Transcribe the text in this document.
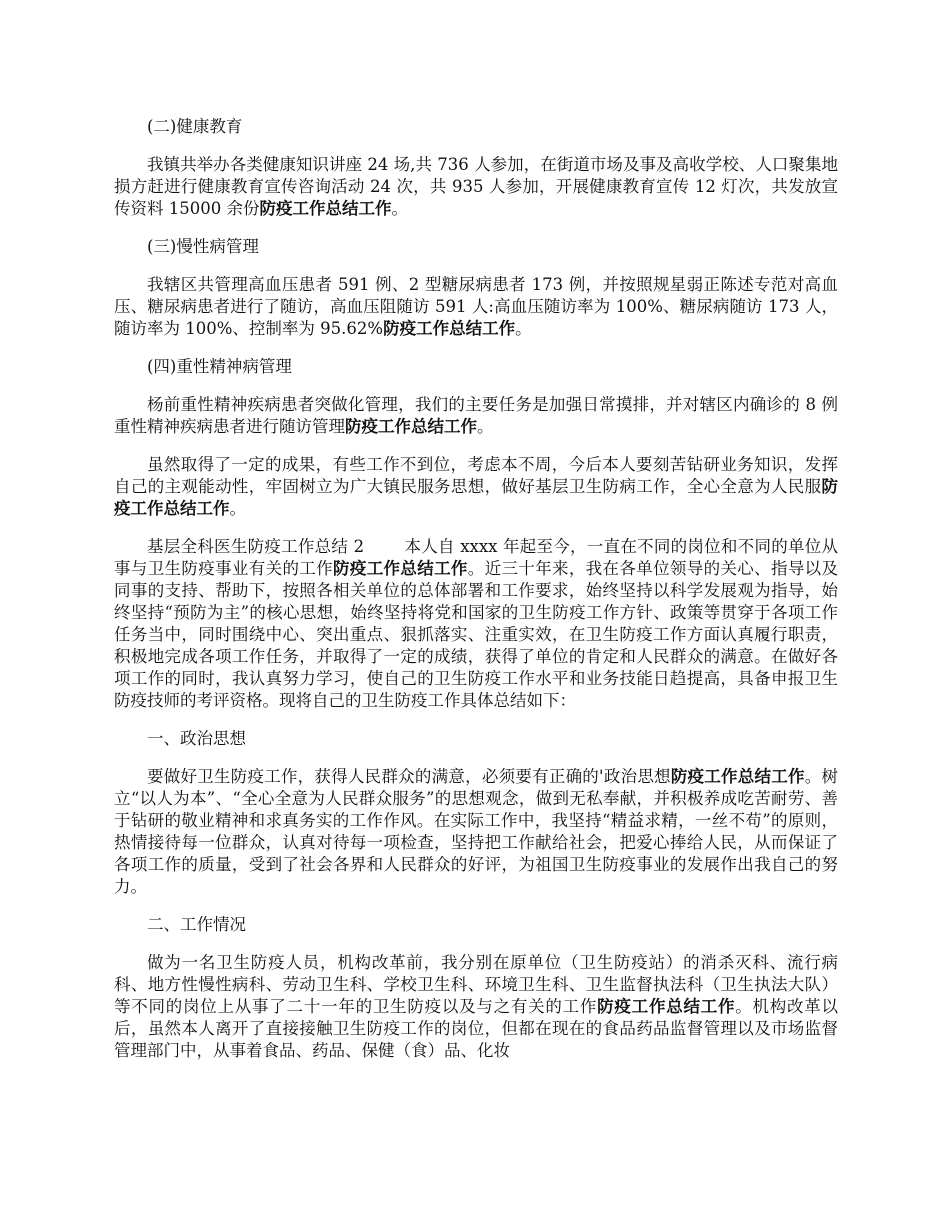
(二)健康教育

我镇共举办各类健康知识讲座 24 场,共 736 人参加，在街道市场及事及高收学校、人口聚集地损方赶进行健康教育宣传咨询活动 24 次，共 935 人参加，开展健康教育宣传 12 灯次，共发放宣传资料 15000 余份防疫工作总结工作。

(三)慢性病管理

我辖区共管理高血压患者 591 例、2 型糖尿病患者 173 例，并按照规星弱正陈述专范对高血压、糖尿病患者进行了随访，高血压阻随访 591 人:高血压随访率为 100%、糖尿病随访 173 人，随访率为 100%、控制率为 95.62%防疫工作总结工作。

(四)重性精神病管理

杨前重性精神疾病患者突做化管理，我们的主要任务是加强日常摸排，并对辖区内确诊的 8 例重性精神疾病患者进行随访管理防疫工作总结工作。

虽然取得了一定的成果，有些工作不到位，考虑本不周，今后本人要刻苦钻研业务知识，发挥自己的主观能动性，牢固树立为广大镇民服务思想，做好基层卫生防病工作，全心全意为人民服防疫工作总结工作。

基层全科医生防疫工作总结 2 本人自 xxxx 年起至今，一直在不同的岗位和不同的单位从事与卫生防疫事业有关的工作防疫工作总结工作。近三十年来，我在各单位领导的关心、指导以及同事的支持、帮助下，按照各相关单位的总体部署和工作要求，始终坚持以科学发展观为指导，始终坚持“预防为主”的核心思想，始终坚持将党和国家的卫生防疫工作方针、政策等贯穿于各项工作任务当中，同时围绕中心、突出重点、狠抓落实、注重实效，在卫生防疫工作方面认真履行职责，积极地完成各项工作任务，并取得了一定的成绩，获得了单位的肯定和人民群众的满意。在做好各项工作的同时，我认真努力学习，使自己的卫生防疫工作水平和业务技能日趋提高，具备申报卫生防疫技师的考评资格。现将自己的卫生防疫工作具体总结如下：

一、政治思想

要做好卫生防疫工作，获得人民群众的满意，必须要有正确的'政治思想防疫工作总结工作。树立“以人为本”、“全心全意为人民群众服务”的思想观念，做到无私奉献，并积极养成吃苦耐劳、善于钻研的敬业精神和求真务实的工作作风。在实际工作中，我坚持“精益求精，一丝不苟”的原则，热情接待每一位群众，认真对待每一项检查，坚持把工作献给社会，把爱心捧给人民，从而保证了各项工作的质量，受到了社会各界和人民群众的好评，为祖国卫生防疫事业的发展作出我自己的努力。

二、工作情况

做为一名卫生防疫人员，机构改革前，我分别在原单位（卫生防疫站）的消杀灭科、流行病科、地方性慢性病科、劳动卫生科、学校卫生科、环境卫生科、卫生监督执法科（卫生执法大队）等不同的岗位上从事了二十一年的卫生防疫以及与之有关的工作防疫工作总结工作。机构改革以后，虽然本人离开了直接接触卫生防疫工作的岗位，但都在现在的食品药品监督管理以及市场监督管理部门中，从事着食品、药品、保健（食）品、化妆
